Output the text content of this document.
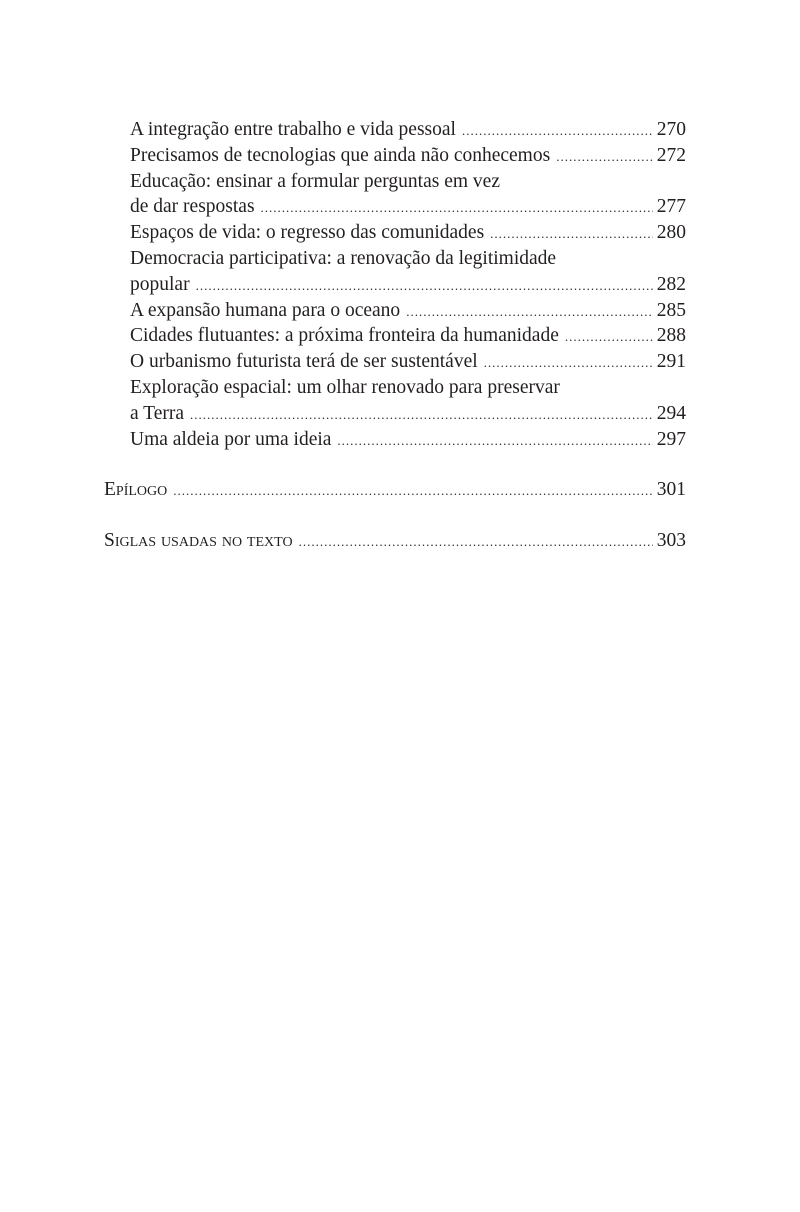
A integração entre trabalho e vida pessoal .....	270
Precisamos de tecnologias que ainda não conhecemos .....	272
Educação: ensinar a formular perguntas em vez
de dar respostas .....	277
Espaços de vida: o regresso das comunidades .....	280
Democracia participativa: a renovação da legitimidade
popular .....	282
A expansão humana para o oceano .....	285
Cidades flutuantes: a próxima fronteira da humanidade .....	288
O urbanismo futurista terá de ser sustentável .....	291
Exploração espacial: um olhar renovado para preservar
a Terra .....	294
Uma aldeia por uma ideia .....	297
Epílogo .....	301
Siglas usadas no texto .....	303
